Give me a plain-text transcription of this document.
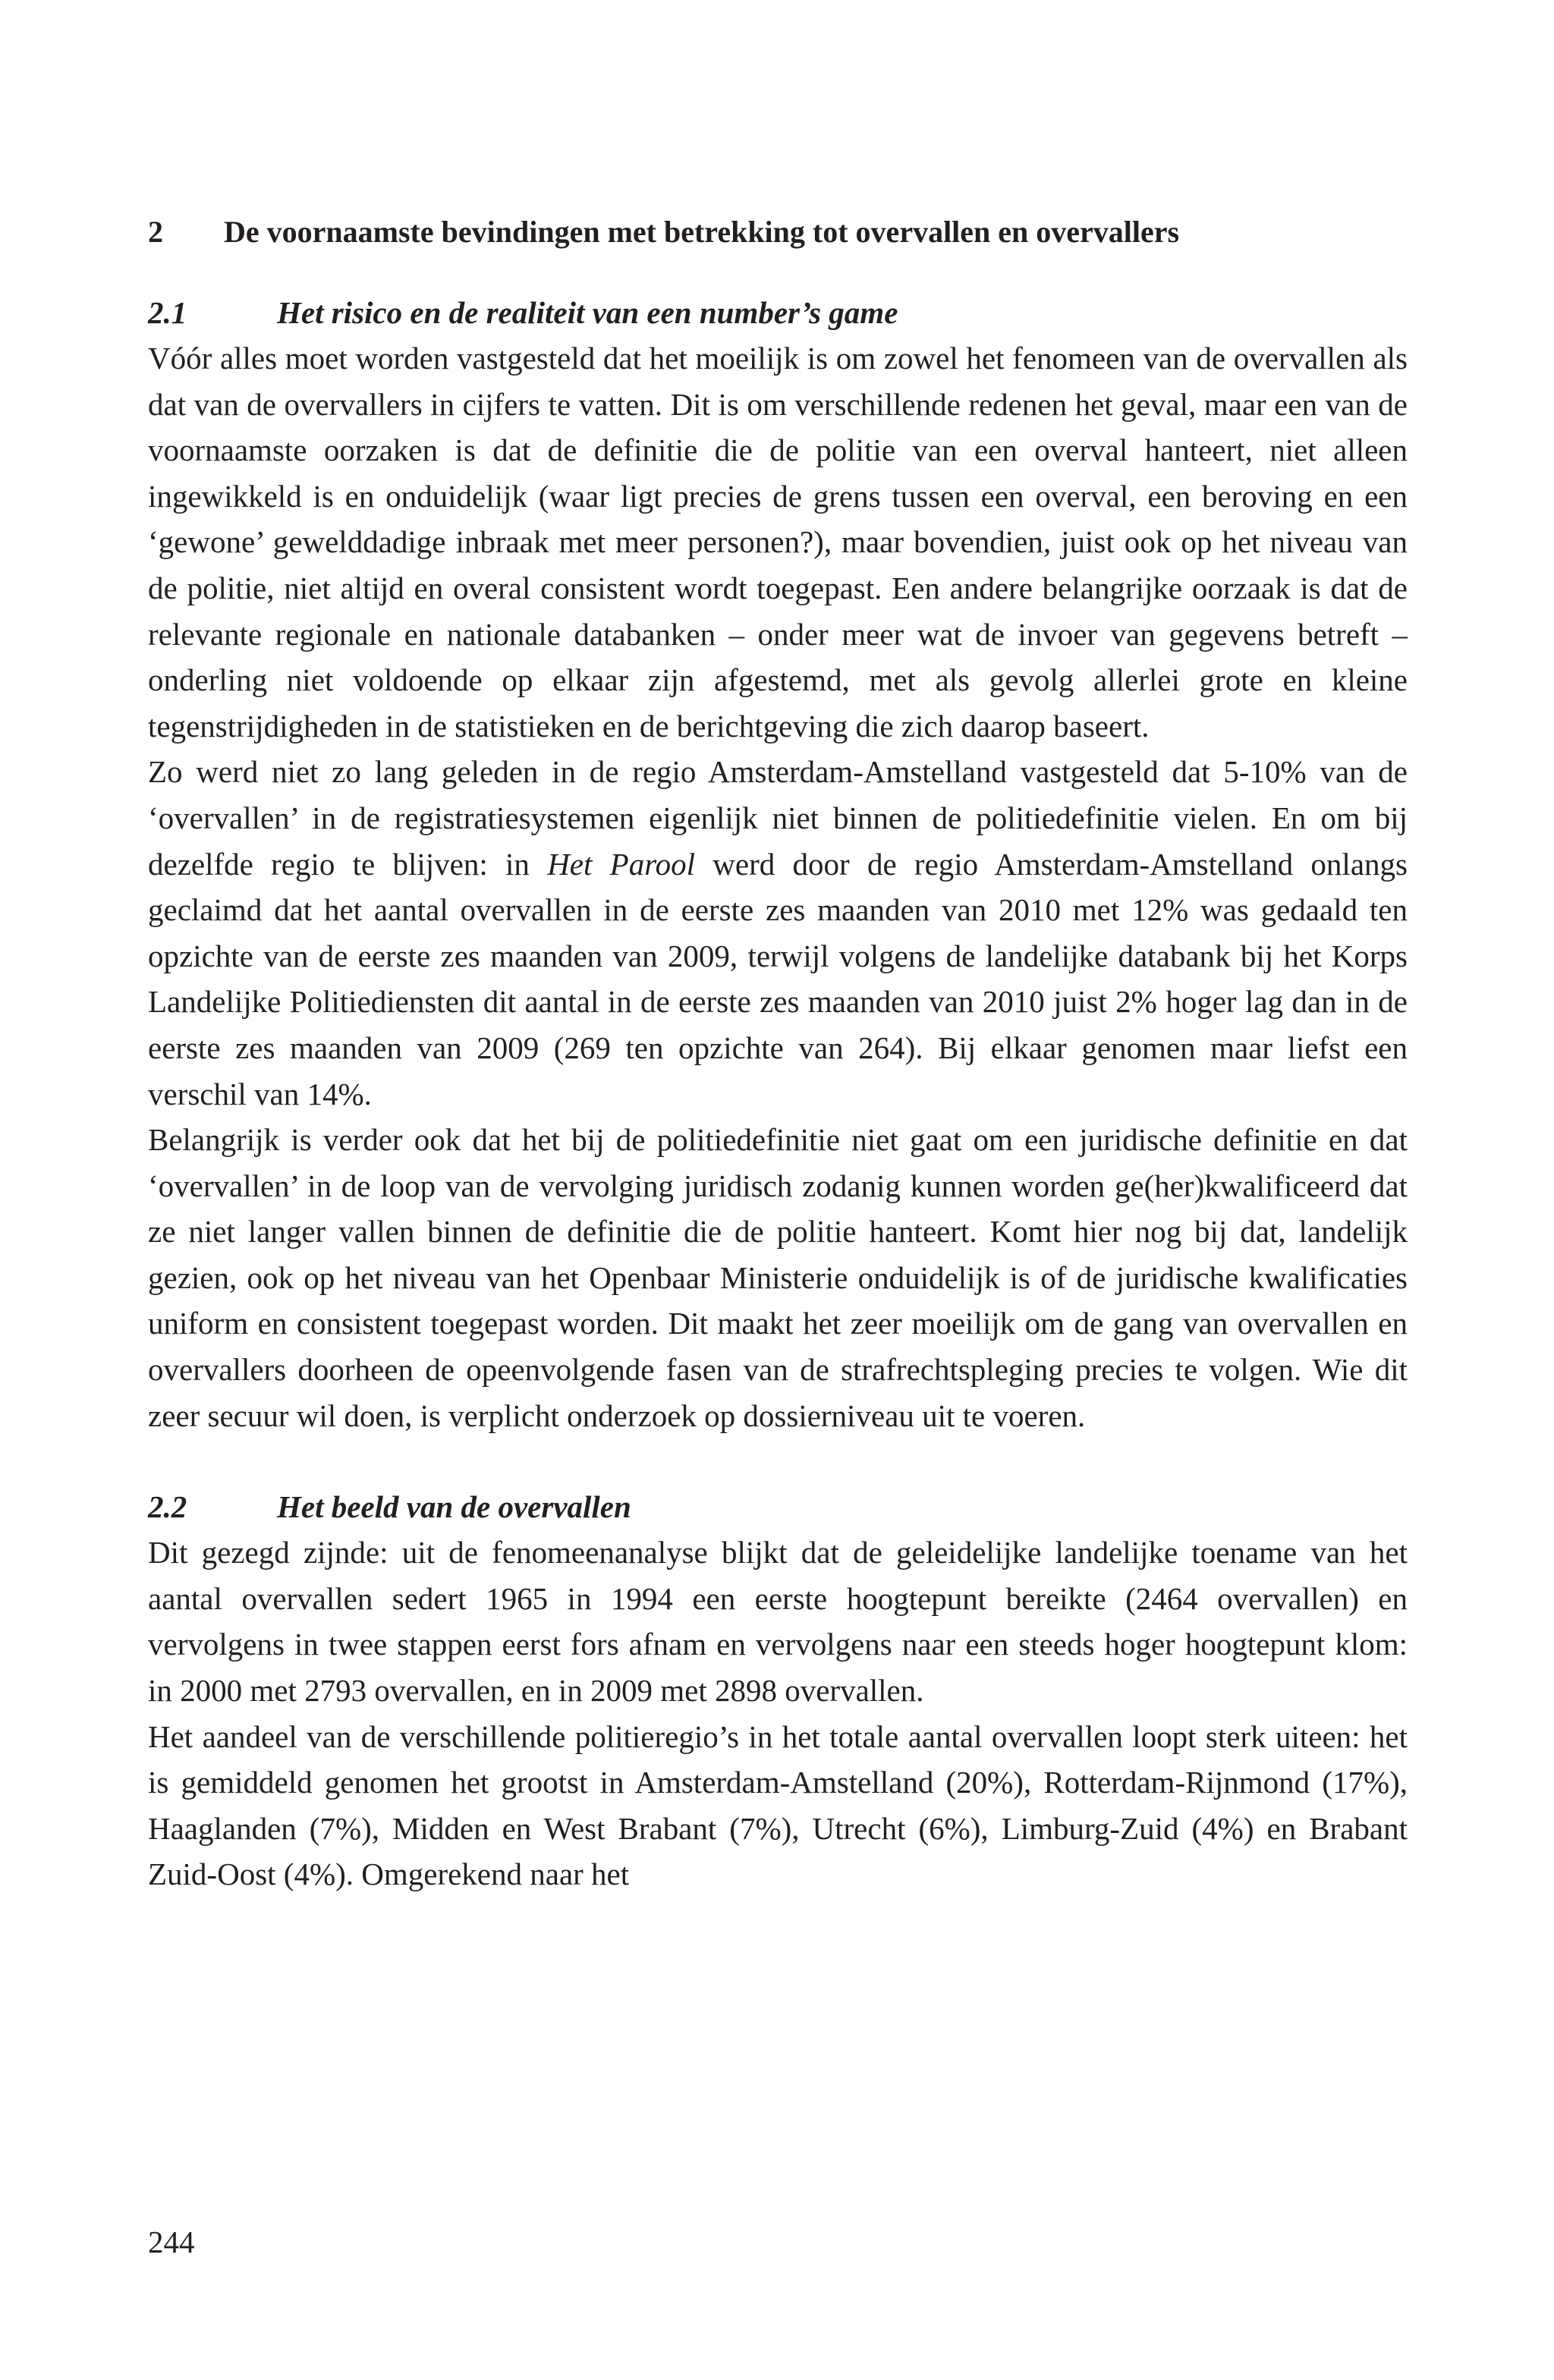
2	De voornaamste bevindingen met betrekking tot overvallen en overvallers
2.1	Het risico en de realiteit van een number’s game

Vóór alles moet worden vastgesteld dat het moeilijk is om zowel het fenomeen van de overvallen als dat van de overvallers in cijfers te vatten. Dit is om verschillende redenen het geval, maar een van de voornaamste oorzaken is dat de definitie die de politie van een overval hanteert, niet alleen ingewikkeld is en onduidelijk (waar ligt precies de grens tussen een overval, een beroving en een ‘gewone’ gewelddadige inbraak met meer personen?), maar bovendien, juist ook op het niveau van de politie, niet altijd en overal consistent wordt toegepast. Een andere belangrijke oorzaak is dat de relevante regionale en nationale databanken – onder meer wat de invoer van gegevens betreft – onderling niet voldoende op elkaar zijn afgestemd, met als gevolg allerlei grote en kleine tegenstrijdigheden in de statistieken en de berichtgeving die zich daarop baseert.

Zo werd niet zo lang geleden in de regio Amsterdam-Amstelland vastgesteld dat 5-10% van de ‘overvallen’ in de registratiesystemen eigenlijk niet binnen de politiedefinitie vielen. En om bij dezelfde regio te blijven: in Het Parool werd door de regio Amsterdam-Amstelland onlangs geclaimd dat het aantal overvallen in de eerste zes maanden van 2010 met 12% was gedaald ten opzichte van de eerste zes maanden van 2009, terwijl volgens de landelijke databank bij het Korps Landelijke Politiediensten dit aantal in de eerste zes maanden van 2010 juist 2% hoger lag dan in de eerste zes maanden van 2009 (269 ten opzichte van 264). Bij elkaar genomen maar liefst een verschil van 14%.

Belangrijk is verder ook dat het bij de politiedefinitie niet gaat om een juridische definitie en dat ‘overvallen’ in de loop van de vervolging juridisch zodanig kunnen worden ge(her)kwalificeerd dat ze niet langer vallen binnen de definitie die de politie hanteert. Komt hier nog bij dat, landelijk gezien, ook op het niveau van het Openbaar Ministerie onduidelijk is of de juridische kwalificaties uniform en consistent toegepast worden. Dit maakt het zeer moeilijk om de gang van overvallen en overvallers doorheen de opeenvolgende fasen van de strafrechtspleging precies te volgen. Wie dit zeer secuur wil doen, is verplicht onderzoek op dossierniveau uit te voeren.

2.2	Het beeld van de overvallen

Dit gezegd zijnde: uit de fenomeenanalyse blijkt dat de geleidelijke landelijke toename van het aantal overvallen sedert 1965 in 1994 een eerste hoogtepunt bereikte (2464 overvallen) en vervolgens in twee stappen eerst fors afnam en vervolgens naar een steeds hoger hoogtepunt klom: in 2000 met 2793 overvallen, en in 2009 met 2898 overvallen.

Het aandeel van de verschillende politieregio’s in het totale aantal overvallen loopt sterk uiteen: het is gemiddeld genomen het grootst in Amsterdam-Amstelland (20%), Rotterdam-Rijnmond (17%), Haaglanden (7%), Midden en West Brabant (7%), Utrecht (6%), Limburg-Zuid (4%) en Brabant Zuid-Oost (4%). Omgerekend naar het

244
